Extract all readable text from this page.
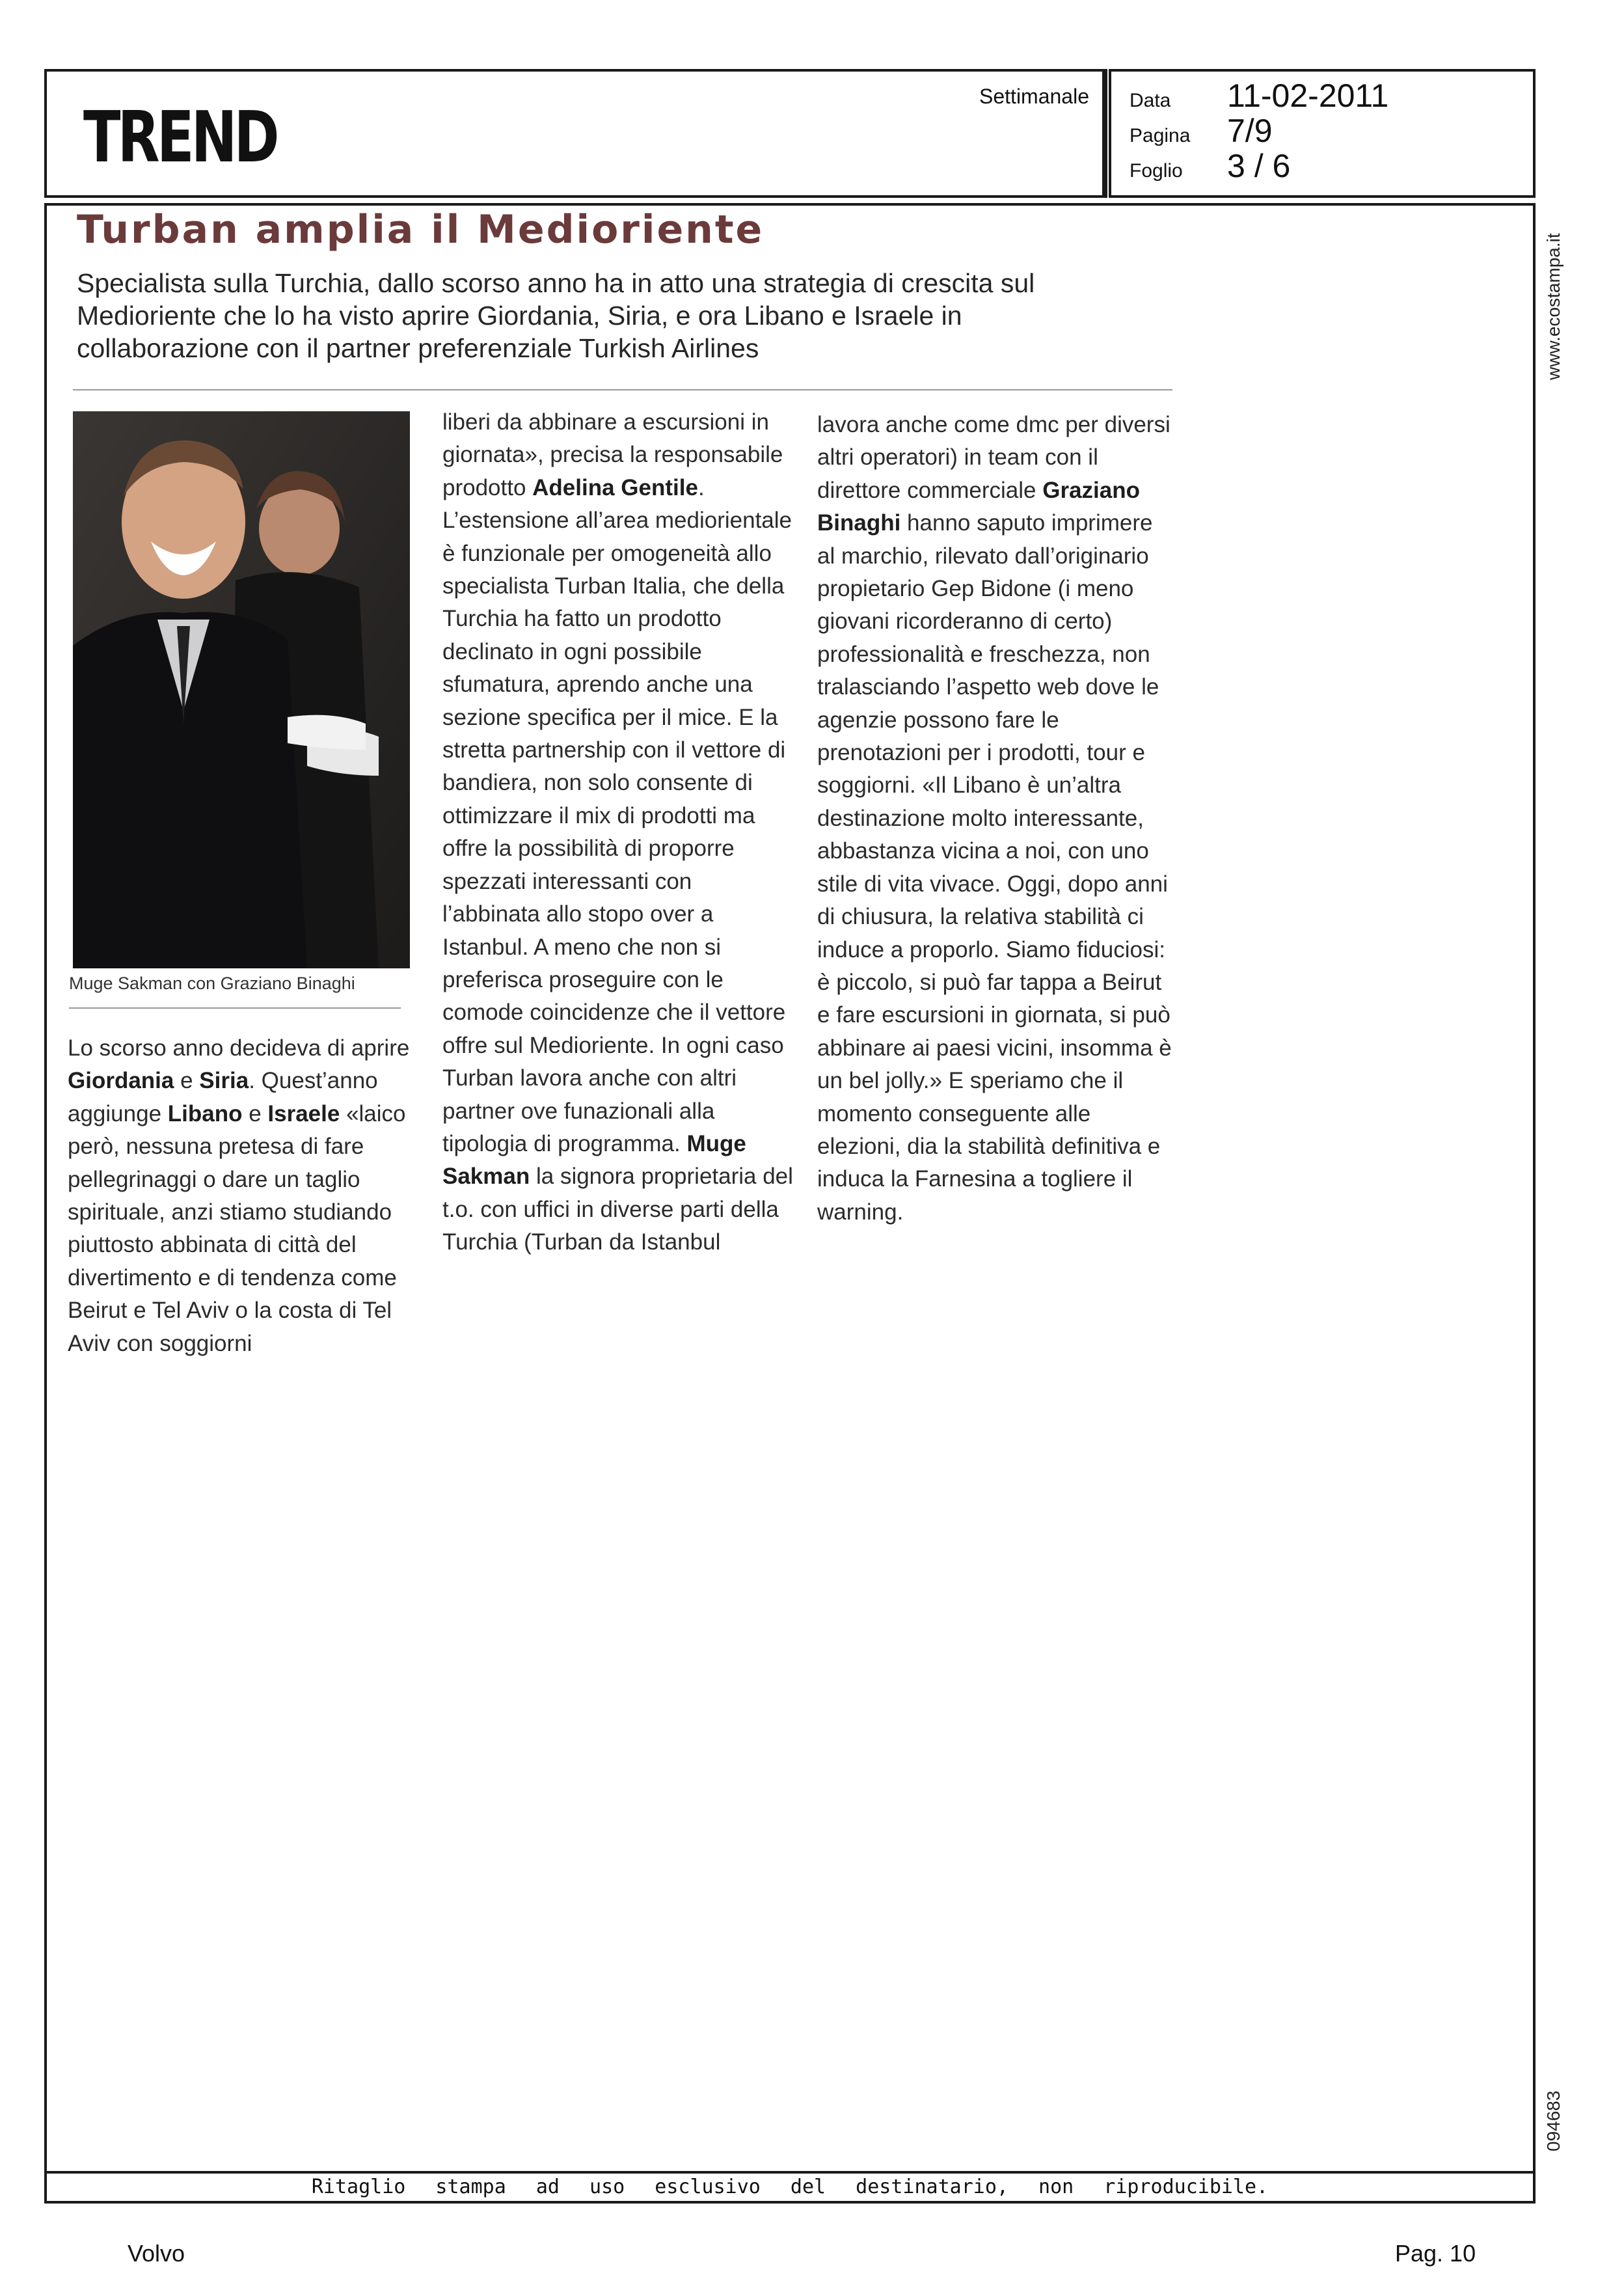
Settimanale
TREND	Data	11-02-2011
Pagina	7/9
Foglio	3 / 6
Ritaglio stampa ad uso esclusivo del destinatario, non riproducibile.
www.ecostampa.it
094683
Turban amplia il Medioriente
Specialista sulla Turchia, dallo scorso anno ha in atto una strategia di crescita sul Medioriente che lo ha visto aprire Giordania, Siria, e ora Libano e Israele in collaborazione con il partner preferenziale Turkish Airlines
Muge Sakman con Graziano Binaghi

Lo scorso anno decideva di aprire Giordania e Siria. Quest’anno aggiunge Libano e Israele «laico però, nessuna pretesa di fare pellegrinaggi o dare un taglio spirituale, anzi stiamo studiando piuttosto abbinata di città del divertimento e di tendenza come Beirut e Tel Aviv o la costa di Tel Aviv con soggiorni

liberi da abbinare a escursioni in giornata», precisa la responsabile prodotto Adelina Gentile. L’estensione all’area mediorientale è funzionale per omogeneità allo specialista Turban Italia, che della Turchia ha fatto un prodotto declinato in ogni possibile sfumatura, aprendo anche una sezione specifica per il mice. E la stretta partnership con il vettore di bandiera, non solo consente di ottimizzare il mix di prodotti ma offre la possibilità di proporre spezzati interessanti con l’abbinata allo stopo over a Istanbul. A meno che non si preferisca proseguire con le comode coincidenze che il vettore offre sul Medioriente. In ogni caso Turban lavora anche con altri partner ove funazionali alla tipologia di programma. Muge Sakman la signora proprietaria del t.o. con uffici in diverse parti della Turchia (Turban da Istanbul

lavora anche come dmc per diversi altri operatori) in team con il direttore commerciale Graziano Binaghi hanno saputo imprimere al marchio, rilevato dall’originario propietario Gep Bidone (i meno giovani ricorderanno di certo) professionalità e freschezza, non tralasciando l’aspetto web dove le agenzie possono fare le prenotazioni per i prodotti, tour e soggiorni. «Il Libano è un’altra destinazione molto interessante, abbastanza vicina a noi, con uno stile di vita vivace. Oggi, dopo anni di chiusura, la relativa stabilità ci induce a proporlo. Siamo fiduciosi: è piccolo, si può far tappa a Beirut e fare escursioni in giornata, si può abbinare ai paesi vicini, insomma è un bel jolly.» E speriamo che il momento conseguente alle elezioni, dia la stabilità definitiva e induca la Farnesina a togliere il warning.

Volvo	Pag. 10
